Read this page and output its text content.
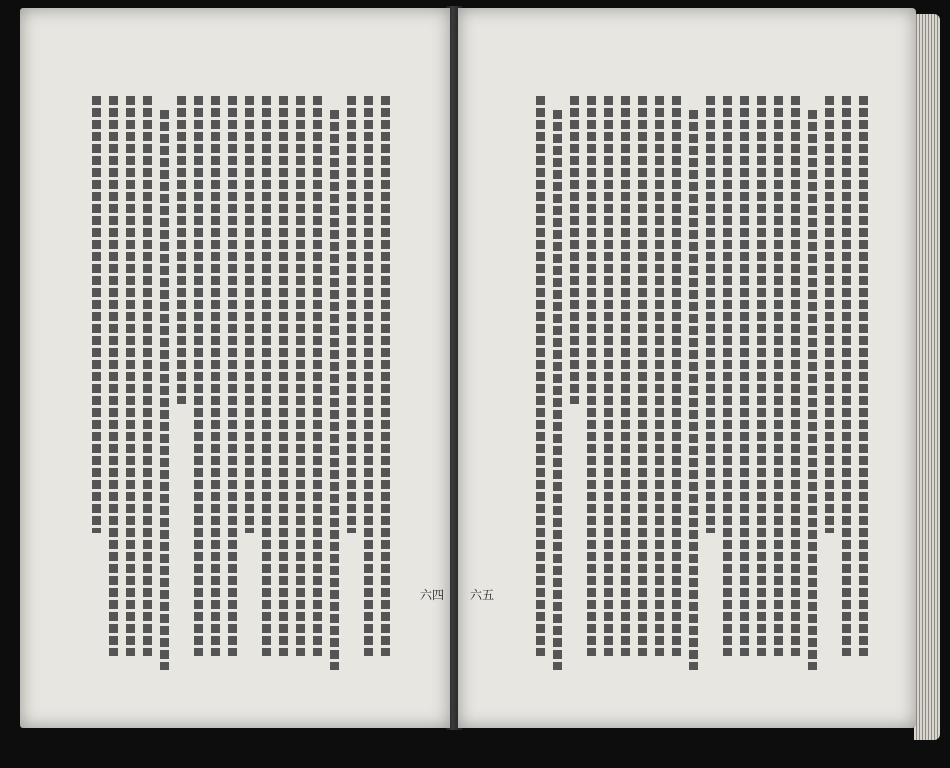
六四 六五
